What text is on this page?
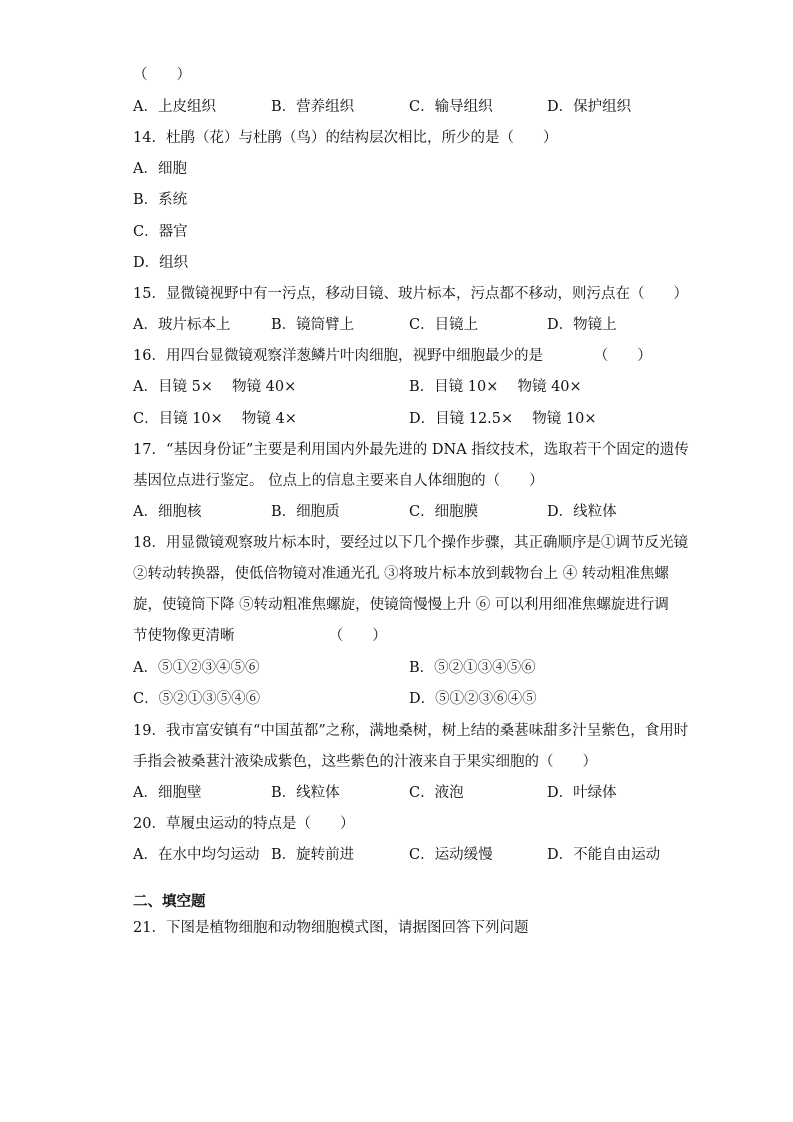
（　　）
A．上皮组织	B．营养组织	C．输导组织	D．保护组织
14．杜鹃（花）与杜鹃（鸟）的结构层次相比，所少的是（　　）
A．细胞
B．系统
C．器官
D．组织
15．显微镜视野中有一污点，移动目镜、玻片标本，污点都不移动，则污点在（　　）
A．玻片标本上	B．镜筒臂上	C．目镜上	D．物镜上
16．用四台显微镜观察洋葱鳞片叶肉细胞，视野中细胞最少的是　　　　（　　）
A．目镜 5×　 物镜 40×	B．目镜 10×　 物镜 40×
C．目镜 10×　 物镜 4×	D．目镜 12.5×　 物镜 10×
17．“基因身份证”主要是利用国内外最先进的 DNA 指纹技术，选取若干个固定的遗传
基因位点进行鉴定。 位点上的信息主要来自人体细胞的（　　）
A．细胞核	B．细胞质	C．细胞膜	D．线粒体
18．用显微镜观察玻片标本时，要经过以下几个操作步骤，其正确顺序是①调节反光镜
②转动转换器，使低倍物镜对准通光孔 ③将玻片标本放到载物台上 ④ 转动粗准焦螺
旋，使镜筒下降 ⑤转动粗准焦螺旋，使镜筒慢慢上升 ⑥ 可以利用细准焦螺旋进行调
节使物像更清晰　　　　　　　（　　）
A．⑤①②③④⑤⑥	B．⑤②①③④⑤⑥
C．⑤②①③⑤④⑥	D．⑤①②③⑥④⑤
19．我市富安镇有“中国茧都”之称，满地桑树，树上结的桑葚味甜多汁呈紫色，食用时
手指会被桑葚汁液染成紫色，这些紫色的汁液来自于果实细胞的（　　）
A．细胞壁	B．线粒体	C．液泡	D．叶绿体
20．草履虫运动的特点是（　　）
A．在水中均匀运动 B．旋转前进	C．运动缓慢	D．不能自由运动
二、填空题
21．下图是植物细胞和动物细胞模式图，请据图回答下列问题
